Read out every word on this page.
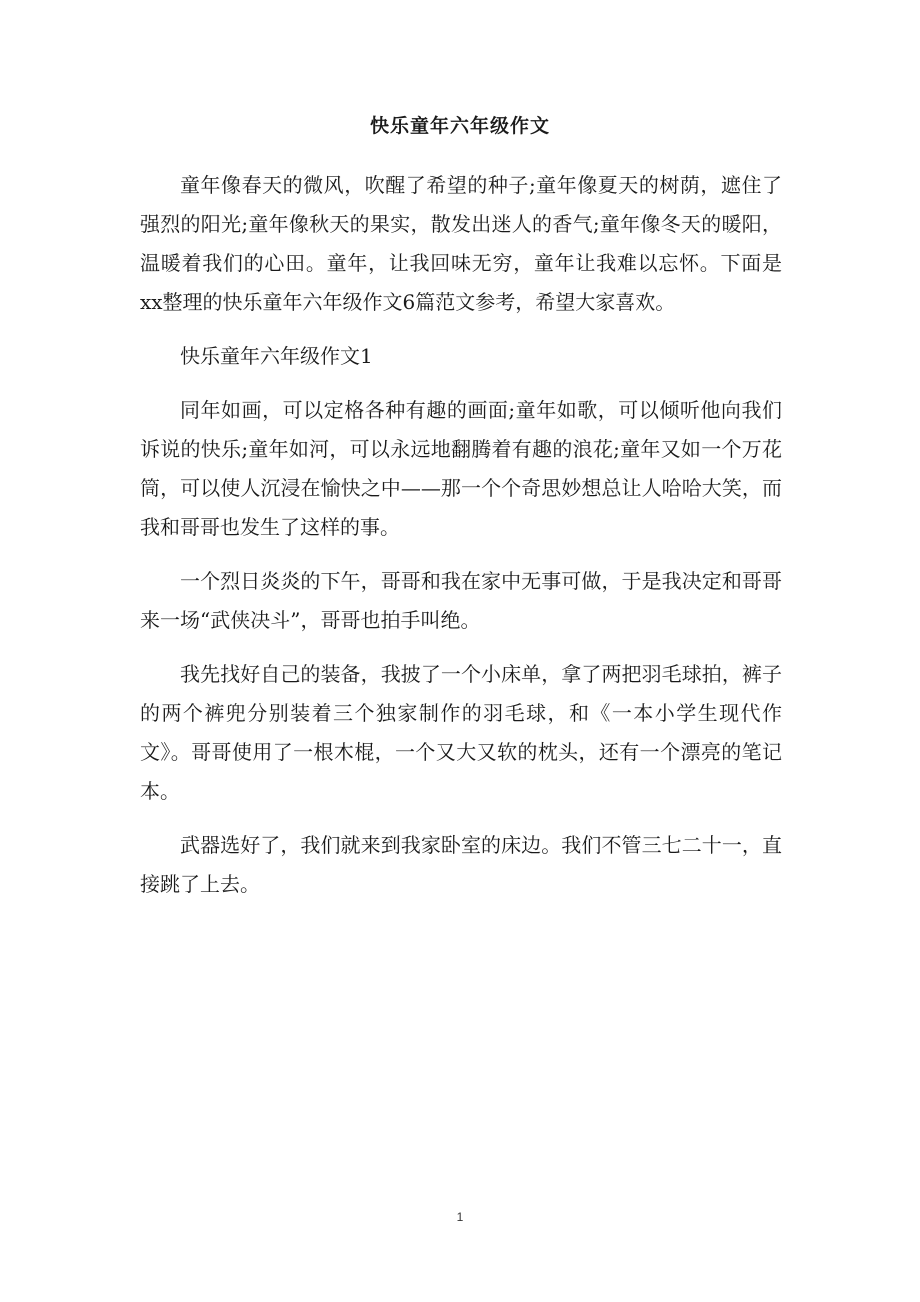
快乐童年六年级作文

童年像春天的微风，吹醒了希望的种子;童年像夏天的树荫，遮住了强烈的阳光;童年像秋天的果实，散发出迷人的香气;童年像冬天的暖阳，温暖着我们的心田。童年，让我回味无穷，童年让我难以忘怀。下面是xx整理的快乐童年六年级作文6篇范文参考，希望大家喜欢。

快乐童年六年级作文1

同年如画，可以定格各种有趣的画面;童年如歌，可以倾听他向我们诉说的快乐;童年如河，可以永远地翻腾着有趣的浪花;童年又如一个万花筒，可以使人沉浸在愉快之中——那一个个奇思妙想总让人哈哈大笑，而我和哥哥也发生了这样的事。

一个烈日炎炎的下午，哥哥和我在家中无事可做，于是我决定和哥哥来一场“武侠决斗”，哥哥也拍手叫绝。

我先找好自己的装备，我披了一个小床单，拿了两把羽毛球拍，裤子的两个裤兜分别装着三个独家制作的羽毛球，和《一本小学生现代作文》。哥哥使用了一根木棍，一个又大又软的枕头，还有一个漂亮的笔记本。

武器选好了，我们就来到我家卧室的床边。我们不管三七二十一，直接跳了上去。

1
